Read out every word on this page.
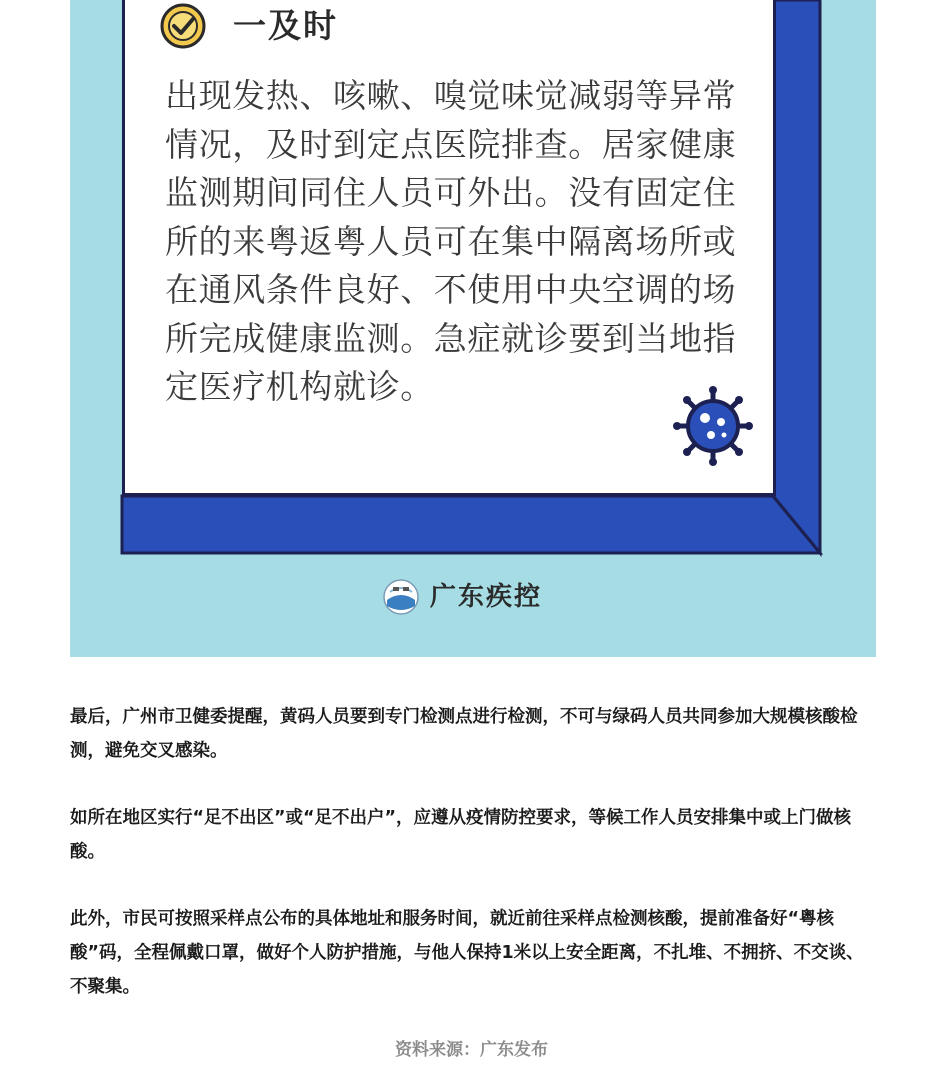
一及时

出现发热、咳嗽、嗅觉味觉减弱等异常情况，及时到定点医院排查。居家健康监测期间同住人员可外出。没有固定住所的来粤返粤人员可在集中隔离场所或在通风条件良好、不使用中央空调的场所完成健康监测。急症就诊要到当地指定医疗机构就诊。

广东疾控

最后，广州市卫健委提醒，黄码人员要到专门检测点进行检测，不可与绿码人员共同参加大规模核酸检测，避免交叉感染。

如所在地区实行“足不出区”或“足不出户”，应遵从疫情防控要求，等候工作人员安排集中或上门做核酸。

此外，市民可按照采样点公布的具体地址和服务时间，就近前往采样点检测核酸，提前准备好“粤核酸”码，全程佩戴口罩，做好个人防护措施，与他人保持1米以上安全距离，不扎堆、不拥挤、不交谈、不聚集。

资料来源：广东发布
